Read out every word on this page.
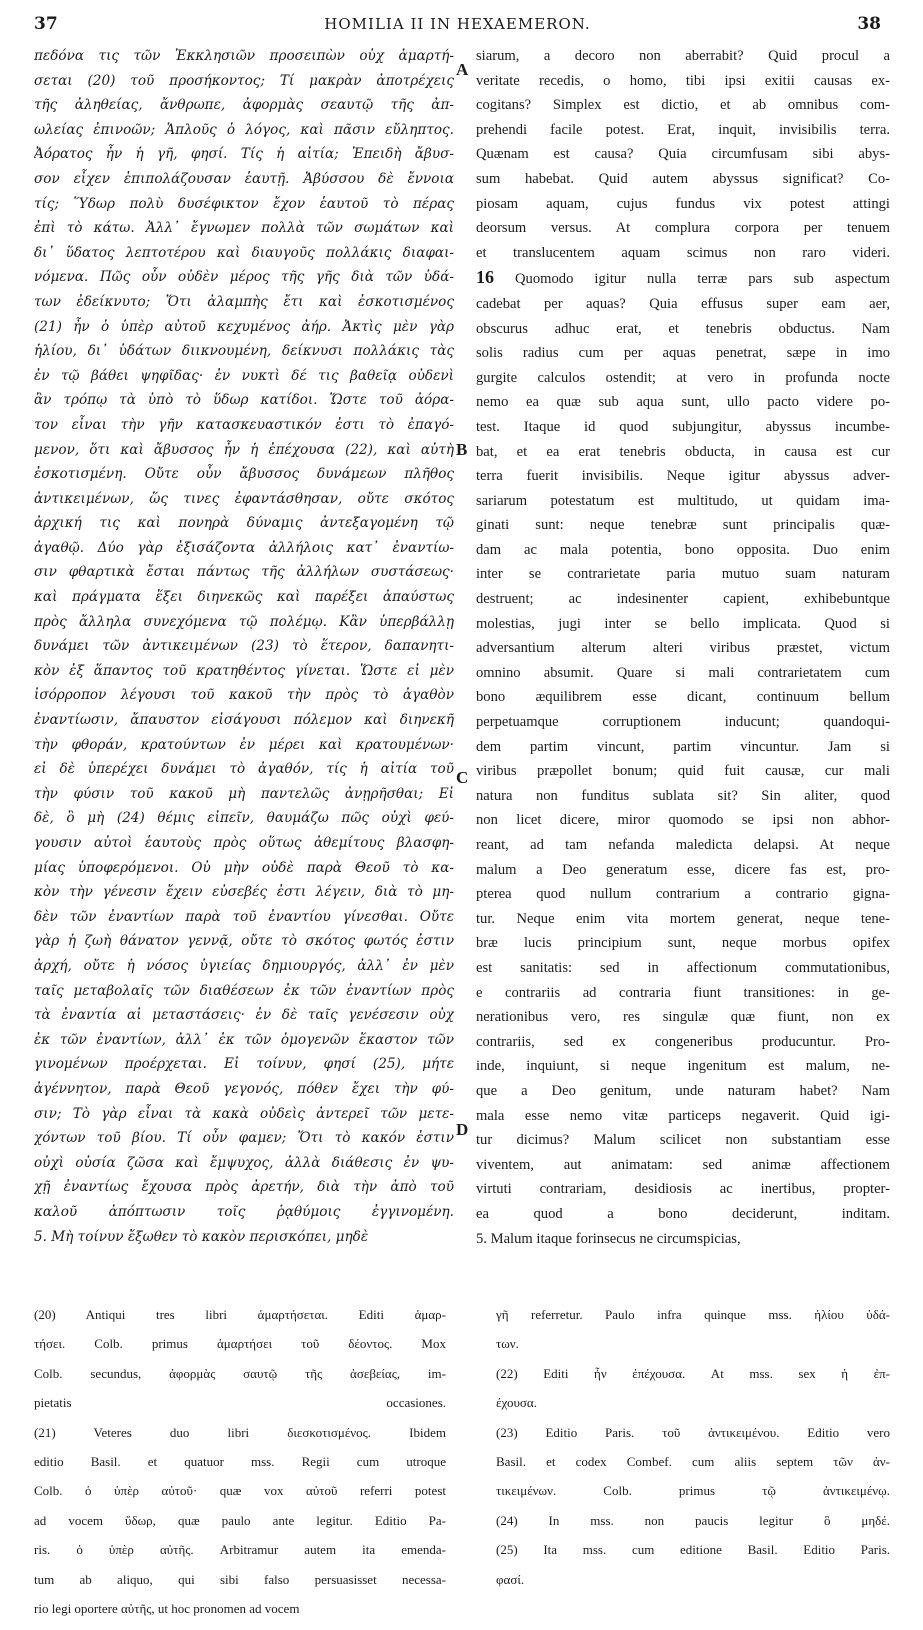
37	HOMILIA II IN HEXAEMERON.	38

πεδόνα τις τῶν Ἐκκλησιῶν προσειπὼν οὐχ ἁμαρτή-

σεται (20) τοῦ προσήκοντος; Τί μακρὰν ἀποτρέχεις

τῆς ἀληθείας, ἄνθρωπε, ἀφορμὰς σεαυτῷ τῆς ἀπ-

ωλείας ἐπινοῶν; Ἁπλοῦς ὁ λόγος, καὶ πᾶσιν εὔληπτος.

Ἀόρατος ἦν ἡ γῆ, φησί. Τίς ἡ αἰτία; Ἐπειδὴ ἄβυσ-

σον εἶχεν ἐπιπολάζουσαν ἑαυτῇ. Ἀβύσσου δὲ ἔννοια

τίς; Ὕδωρ πολὺ δυσέφικτον ἔχον ἑαυτοῦ τὸ πέρας

ἐπὶ τὸ κάτω. Ἀλλ᾽ ἔγνωμεν πολλὰ τῶν σωμάτων καὶ

δι᾽ ὕδατος λεπτοτέρου καὶ διαυγοῦς πολλάκις διαφαι-

νόμενα. Πῶς οὖν οὐδὲν μέρος τῆς γῆς διὰ τῶν ὑδά-

των ἐδείκνυτο; Ὅτι ἀλαμπὴς ἔτι καὶ ἐσκοτισμένος

(21) ἦν ὁ ὑπὲρ αὐτοῦ κεχυμένος ἀήρ. Ἀκτὶς μὲν γὰρ

ἡλίου, δι᾽ ὑδάτων διικνουμένη, δείκνυσι πολλάκις τὰς

ἐν τῷ βάθει ψηφῖδας· ἐν νυκτὶ δέ τις βαθεῖᾳ οὐδενὶ

ἂν τρόπῳ τὰ ὑπὸ τὸ ὕδωρ κατίδοι. Ὥστε τοῦ ἀόρα-

τον εἶναι τὴν γῆν κατασκευαστικόν ἐστι τὸ ἐπαγό-

μενον, ὅτι καὶ ἄβυσσος ἦν ἡ ἐπέχουσα (22), καὶ αὐτὴ

ἐσκοτισμένη. Οὔτε οὖν ἄβυσσος δυνάμεων πλῆθος

ἀντικειμένων, ὥς τινες ἐφαντάσθησαν, οὔτε σκότος

ἀρχική τις καὶ πονηρὰ δύναμις ἀντεξαγομένη τῷ

ἀγαθῷ. Δύο γὰρ ἐξισάζοντα ἀλλήλοις κατ᾽ ἐναντίω-

σιν φθαρτικὰ ἔσται πάντως τῆς ἀλλήλων συστάσεως·

καὶ πράγματα ἕξει διηνεκῶς καὶ παρέξει ἀπαύστως

πρὸς ἄλληλα συνεχόμενα τῷ πολέμῳ. Κἂν ὑπερβάλλῃ

δυνάμει τῶν ἀντικειμένων (23) τὸ ἕτερον, δαπανητι-

κὸν ἐξ ἅπαντος τοῦ κρατηθέντος γίνεται. Ὥστε εἰ μὲν

ἰσόρροπον λέγουσι τοῦ κακοῦ τὴν πρὸς τὸ ἀγαθὸν

ἐναντίωσιν, ἄπαυστον εἰσάγουσι πόλεμον καὶ διηνεκῆ

τὴν φθοράν, κρατούντων ἐν μέρει καὶ κρατουμένων·

εἰ δὲ ὑπερέχει δυνάμει τὸ ἀγαθόν, τίς ἡ αἰτία τοῦ

τὴν φύσιν τοῦ κακοῦ μὴ παντελῶς ἀνῃρῆσθαι; Εἰ

δὲ, ὃ μὴ (24) θέμις εἰπεῖν, θαυμάζω πῶς οὐχὶ φεύ-

γουσιν αὐτοὶ ἑαυτοὺς πρὸς οὕτως ἀθεμίτους βλασφη-

μίας ὑποφερόμενοι. Οὐ μὴν οὐδὲ παρὰ Θεοῦ τὸ κα-

κὸν τὴν γένεσιν ἔχειν εὐσεβές ἐστι λέγειν, διὰ τὸ μη-

δὲν τῶν ἐναντίων παρὰ τοῦ ἐναντίου γίνεσθαι. Οὔτε

γὰρ ἡ ζωὴ θάνατον γεννᾷ, οὔτε τὸ σκότος φωτός ἐστιν

ἀρχή, οὔτε ἡ νόσος ὑγιείας δημιουργός, ἀλλ᾽ ἐν μὲν

ταῖς μεταβολαῖς τῶν διαθέσεων ἐκ τῶν ἐναντίων πρὸς

τὰ ἐναντία αἱ μεταστάσεις· ἐν δὲ ταῖς γενέσεσιν οὐχ

ἐκ τῶν ἐναντίων, ἀλλ᾽ ἐκ τῶν ὁμογενῶν ἕκαστον τῶν

γινομένων προέρχεται. Εἰ τοίνυν, φησί (25), μήτε

ἀγέννητον, παρὰ Θεοῦ γεγονός, πόθεν ἔχει τὴν φύ-

σιν; Τὸ γὰρ εἶναι τὰ κακὰ οὐδεὶς ἀντερεῖ τῶν μετε-

χόντων τοῦ βίου. Τί οὖν φαμεν; Ὅτι τὸ κακόν ἐστιν

οὐχὶ οὐσία ζῶσα καὶ ἔμψυχος, ἀλλὰ διάθεσις ἐν ψυ-

χῇ ἐναντίως ἔχουσα πρὸς ἀρετήν, διὰ τὴν ἀπὸ τοῦ

καλοῦ ἀπόπτωσιν τοῖς ῥᾳθύμοις ἐγγινομένη.

5. Μὴ τοίνυν ἔξωθεν τὸ κακὸν περισκόπει, μηδὲ

siarum, a decoro non aberrabit? Quid procul a

veritate recedis, o homo, tibi ipsi exitii causas ex-

cogitans? Simplex est dictio, et ab omnibus com-

prehendi facile potest. Erat, inquit, invisibilis terra.

Quænam est causa? Quia circumfusam sibi abys-

sum habebat. Quid autem abyssus significat? Co-

piosam aquam, cujus fundus vix potest attingi

deorsum versus. At complura corpora per tenuem

et translucentem aquam scimus non raro videri.

16 Quomodo igitur nulla terræ pars sub aspectum

cadebat per aquas? Quia effusus super eam aer,

obscurus adhuc erat, et tenebris obductus. Nam

solis radius cum per aquas penetrat, sæpe in imo

gurgite calculos ostendit; at vero in profunda nocte

nemo ea quæ sub aqua sunt, ullo pacto videre po-

test. Itaque id quod subjungitur, abyssus incumbe-

bat, et ea erat tenebris obducta, in causa est cur

terra fuerit invisibilis. Neque igitur abyssus adver-

sariarum potestatum est multitudo, ut quidam ima-

ginati sunt: neque tenebræ sunt principalis quæ-

dam ac mala potentia, bono opposita. Duo enim

inter se contrarietate paria mutuo suam naturam

destruent; ac indesinenter capient, exhibebuntque

molestias, jugi inter se bello implicata. Quod si

adversantium alterum alteri viribus præstet, victum

omnino absumit. Quare si mali contrarietatem cum

bono æquilibrem esse dicant, continuum bellum

perpetuamque corruptionem inducunt; quandoqui-

dem partim vincunt, partim vincuntur. Jam si

viribus præpollet bonum; quid fuit causæ, cur mali

natura non funditus sublata sit? Sin aliter, quod

non licet dicere, miror quomodo se ipsi non abhor-

reant, ad tam nefanda maledicta delapsi. At neque

malum a Deo generatum esse, dicere fas est, pro-

pterea quod nullum contrarium a contrario gigna-

tur. Neque enim vita mortem generat, neque tene-

bræ lucis principium sunt, neque morbus opifex

est sanitatis: sed in affectionum commutationibus,

e contrariis ad contraria fiunt transitiones: in ge-

nerationibus vero, res singulæ quæ fiunt, non ex

contrariis, sed ex congeneribus producuntur. Pro-

inde, inquiunt, si neque ingenitum est malum, ne-

que a Deo genitum, unde naturam habet? Nam

mala esse nemo vitæ particeps negaverit. Quid igi-

tur dicimus? Malum scilicet non substantiam esse

viventem, aut animatam: sed animæ affectionem

virtuti contrariam, desidiosis ac inertibus, propter-

ea quod a bono deciderunt, inditam.

5. Malum itaque forinsecus ne circumspicias,

A
B
C
D

(20) Antiqui tres libri ἁμαρτήσεται. Editi ἁμαρ-

τήσει. Colb. primus ἁμαρτήσει τοῦ δέοντος. Mox

Colb. secundus, ἀφορμὰς σαυτῷ τῆς ἀσεβείας, im-

pietatis occasiones.

(21) Veteres duo libri διεσκοτισμένος. Ibidem

editio Basil. et quatuor mss. Regii cum utroque

Colb. ὁ ὑπὲρ αὐτοῦ· quæ vox αὐτοῦ referri potest

ad vocem ὕδωρ, quæ paulo ante legitur. Editio Pa-

ris. ὁ ὑπὲρ αὐτῆς. Arbitramur autem ita emenda-

tum ab aliquo, qui sibi falso persuasisset necessa-

rio legi oportere αὐτῆς, ut hoc pronomen ad vocem

γῆ referretur. Paulo infra quinque mss. ἡλίου ὑδά-

των.

(22) Editi ἦν ἐπέχουσα. At mss. sex ἡ ἐπ-

έχουσα.

(23) Editio Paris. τοῦ ἀντικειμένου. Editio vero

Basil. et codex Combef. cum aliis septem τῶν ἀν-

τικειμένων. Colb. primus τῷ ἀντικειμένῳ.

(24) In mss. non paucis legitur ὃ μηδέ.

(25) Ita mss. cum editione Basil. Editio Paris.

φασί.
